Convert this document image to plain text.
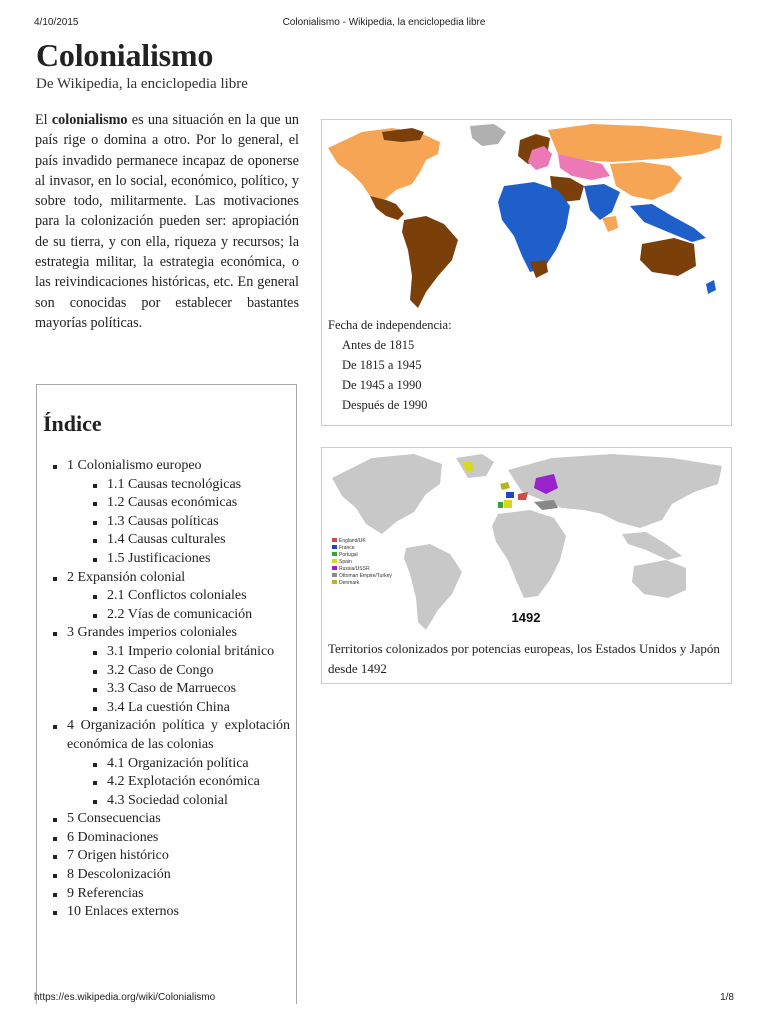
4/10/2015	Colonialismo - Wikipedia, la enciclopedia libre
Colonialismo
De Wikipedia, la enciclopedia libre

El colonialismo es una situación en la que un país rige o domina a otro. Por lo general, el país invadido permanece incapaz de oponerse al invasor, en lo social, económico, político, y sobre todo, militarmente. Las motivaciones para la colonización pueden ser: apropiación de su tierra, y con ella, riqueza y recursos; la estrategia militar, la estrategia económica, o las reivindicaciones históricas, etc. En general son conocidas por establecer bastantes mayorías políticas.

Índice
1 Colonialismo europeo
1.1 Causas tecnológicas
1.2 Causas económicas
1.3 Causas políticas
1.4 Causas culturales
1.5 Justificaciones
2 Expansión colonial
2.1 Conflictos coloniales
2.2 Vías de comunicación
3 Grandes imperios coloniales
3.1 Imperio colonial británico
3.2 Caso de Congo
3.3 Caso de Marruecos
3.4 La cuestión China
4 Organización política y explotación económica de las colonias
4.1 Organización política
4.2 Explotación económica
4.3 Sociedad colonial
5 Consecuencias
6 Dominaciones
7 Origen histórico
8 Descolonización
9 Referencias
10 Enlaces externos
Fecha de independencia:
Antes de 1815
De 1815 a 1945
De 1945 a 1990
Después de 1990
England/UK
France
Portugal
Spain
Russia/USSR
Ottoman Empire/Turkey
Denmark
1492
Territorios colonizados por potencias europeas, los Estados Unidos y Japón desde 1492
https://es.wikipedia.org/wiki/Colonialismo	1/8
